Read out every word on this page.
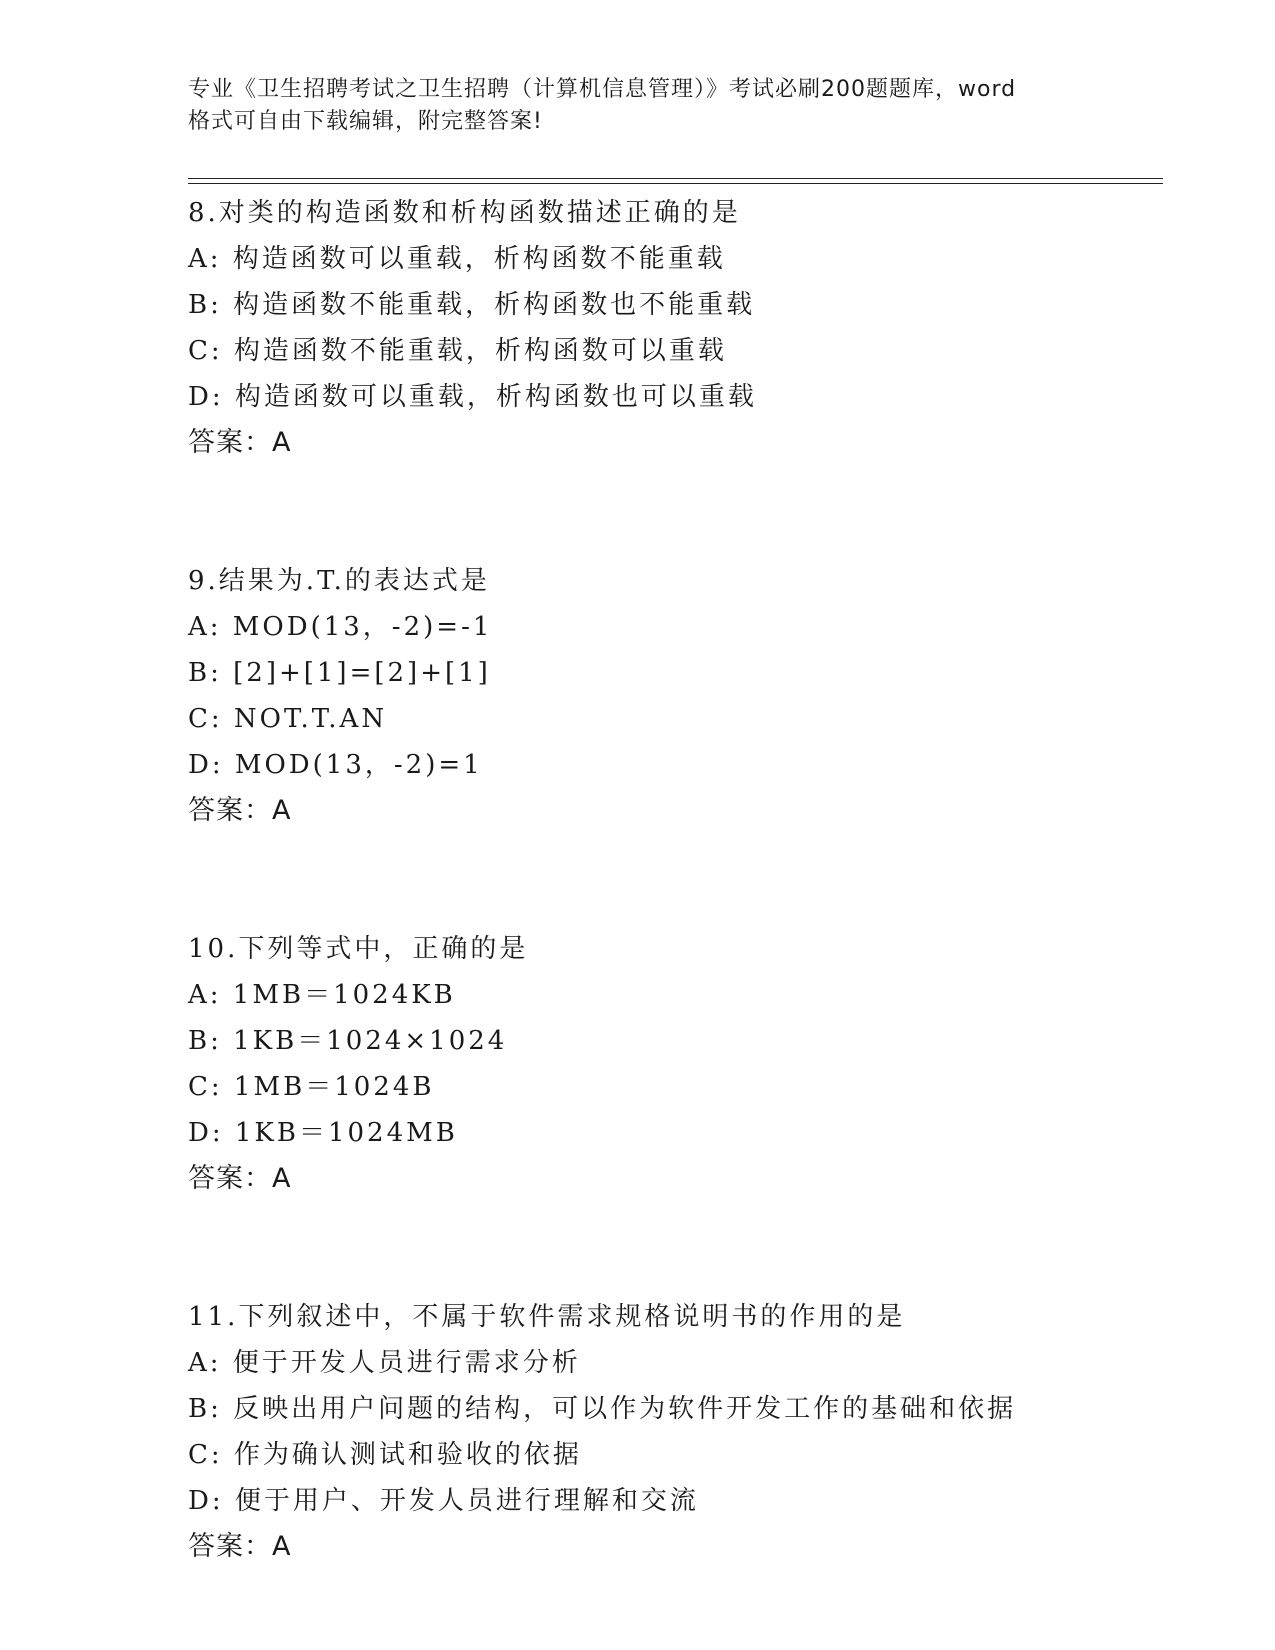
专业《卫生招聘考试之卫生招聘（计算机信息管理）》考试必刷200题题库，word
格式可自由下载编辑，附完整答案!
8.对类的构造函数和析构函数描述正确的是
A: 构造函数可以重载，析构函数不能重载
B: 构造函数不能重载，析构函数也不能重载
C: 构造函数不能重载，析构函数可以重载
D: 构造函数可以重载，析构函数也可以重载
答案：A
9.结果为.T.的表达式是
A: MOD(13，-2)=-1
B: [2]+[1]=[2]+[1]
C: NOT.T.AN
D: MOD(13，-2)=1
答案：A
10.下列等式中，正确的是
A: 1MB＝1024KB
B: 1KB＝1024×1024
C: 1MB＝1024B
D: 1KB＝1024MB
答案：A
11.下列叙述中，不属于软件需求规格说明书的作用的是
A: 便于开发人员进行需求分析
B: 反映出用户问题的结构，可以作为软件开发工作的基础和依据
C: 作为确认测试和验收的依据
D: 便于用户、开发人员进行理解和交流
答案：A
